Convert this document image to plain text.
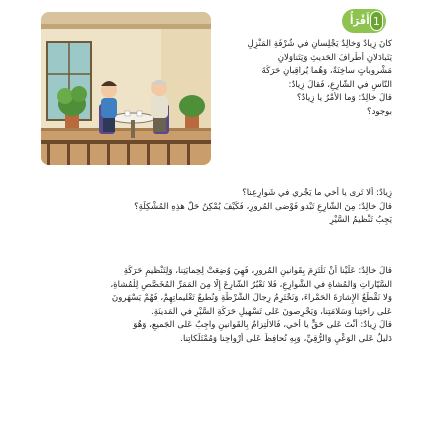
أَقْرَأُ 1

كانَ زِيادٌ وَخالِدٌ يَجْلِسانِ في شُرْفَةِ المَنْزِلِ

يَتَبادَلانِ أَطْرافَ الحَديثِ وَيَتَناوَلانِ

مَشْروباتٍ ساخِنَةً، وَهُما يُراقِبانِ حَرَكَةَ

النّاسِ في الشّارِعِ، فَقالَ زِيادٌ:

قالَ خالِدٌ: وَما الأَمْرُ يا زِيادُ؟

بوجود؟

زِيادٌ: أَلا تَرى يا أَخي ما يَجْري في شَوارِعِنا؟

قالَ خالِدٌ: مِنَ الشّارِعِ تَبْدو فَوْضى المُرورِ، فَكَيْفَ يُمْكِنُ حَلُّ هذِهِ المُشْكِلَةِ؟

يَجِبُ تَنْظيمُ السَّيْرِ

قالَ خالِدٌ: عَلَيْنا أَنْ نَلْتَزِمَ بِقَوانينِ المُرورِ، فَهِيَ وُضِعَتْ لِحِمايَتِنا، وَلِتَنْظيمِ حَرَكَةِ

السَّيّاراتِ وَالمُشاةِ في الشَّوارِعِ، فَلا نَعْبُرُ الشّارِعَ إِلّا مِنَ المَمَرِّ المُخَصَّصِ لِلْمُشاةِ،

وَلا نَقْطَعُ الإِشارَةَ الحَمْراءَ، وَنَحْتَرِمُ رِجالَ الشُّرْطَةِ وَنُطيعُ تَعْليماتِهِمْ، فَهُمْ يَسْهَرونَ

عَلى راحَتِنا وَسَلامَتِنا، وَيَحْرِصونَ عَلى تَسْهيلِ حَرَكَةِ السَّيْرِ في المَدينَةِ.

قالَ زِيادٌ: أَنْتَ عَلى حَقٍّ يا أَخي، فَالالْتِزامُ بِالقَوانينِ واجِبٌ عَلى الجَميعِ، وَهُوَ

دَليلٌ عَلى الوَعْيِ وَالرُّقِيِّ، وَبِهِ نُحافِظُ عَلى أَرْواحِنا وَمُمْتَلَكاتِنا.
